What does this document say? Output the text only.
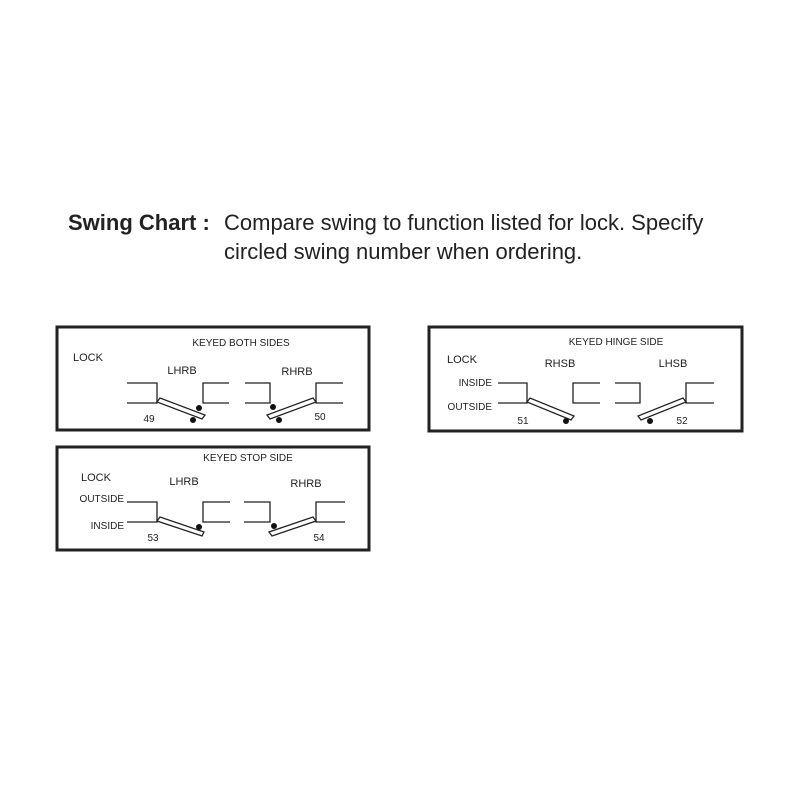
Swing Chart : Compare swing to function listed for lock. Specify
circled swing number when ordering.
KEYED BOTH SIDES
LOCK
LHRB	RHRB
49	50
KEYED HINGE SIDE
LOCK
INSIDE
OUTSIDE
RHSB	LHSB
51	52
KEYED STOP SIDE
LOCK
OUTSIDE
INSIDE
LHRB	RHRB
53	54
